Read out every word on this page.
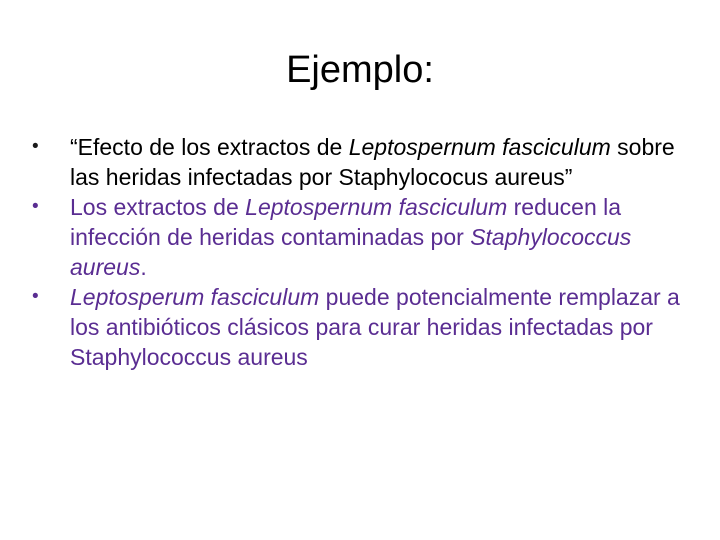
Ejemplo:
•	“Efecto de los extractos de Leptospernum fasciculum sobre las heridas infectadas por Staphylococus aureus”
•	Los extractos de Leptospernum fasciculum reducen la infección de heridas contaminadas por Staphylococcus aureus.
•	Leptosperum fasciculum puede potencialmente remplazar a los antibióticos clásicos para curar heridas infectadas por Staphylococcus aureus
